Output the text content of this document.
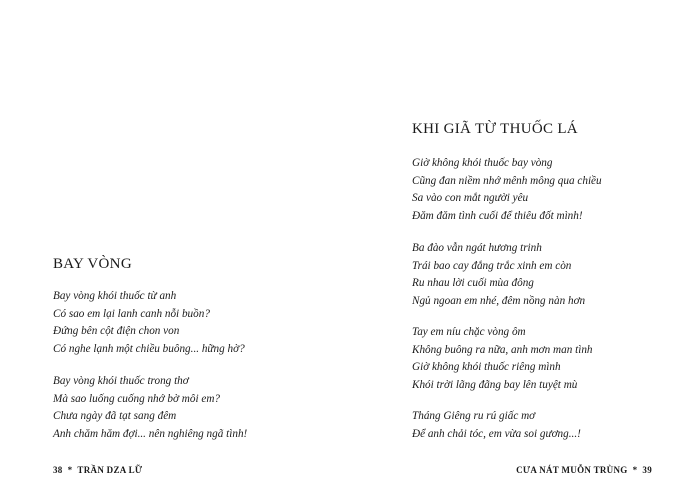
BAY VÒNG
Bay vòng khói thuốc từ anh
Có sao em lại lanh canh nỗi buồn?
Đứng bên cột điện chon von
Có nghe lạnh một chiều buông... hững hờ?
Bay vòng khói thuốc trong thơ
Mà sao luống cuống nhớ bờ môi em?
Chưa ngày đã tạt sang đêm
Anh chăm hăm đợi... nên nghiêng ngã tình!
38 * TRẦN DZA LỮ
KHI GIÃ TỪ THUỐC LÁ
Giờ không khói thuốc bay vòng
Cũng đan niềm nhớ mênh mông qua chiều
Sa vào con mắt người yêu
Đăm đăm tình cuối để thiêu đốt mình!
Ba đào vẫn ngát hương trinh
Trái bao cay đắng trắc xinh em còn
Ru nhau lời cuối mùa đông
Ngủ ngoan em nhé, đêm nồng nàn hơn
Tay em níu chặc vòng ôm
Không buông ra nữa, anh mơn man tình
Giờ không khói thuốc riêng mình
Khói trời lãng đãng bay lên tuyệt mù
Tháng Giêng ru rú giấc mơ
Để anh chải tóc, em vừa soi gương...!
CƯA NÁT MUỖN TRÙNG * 39
